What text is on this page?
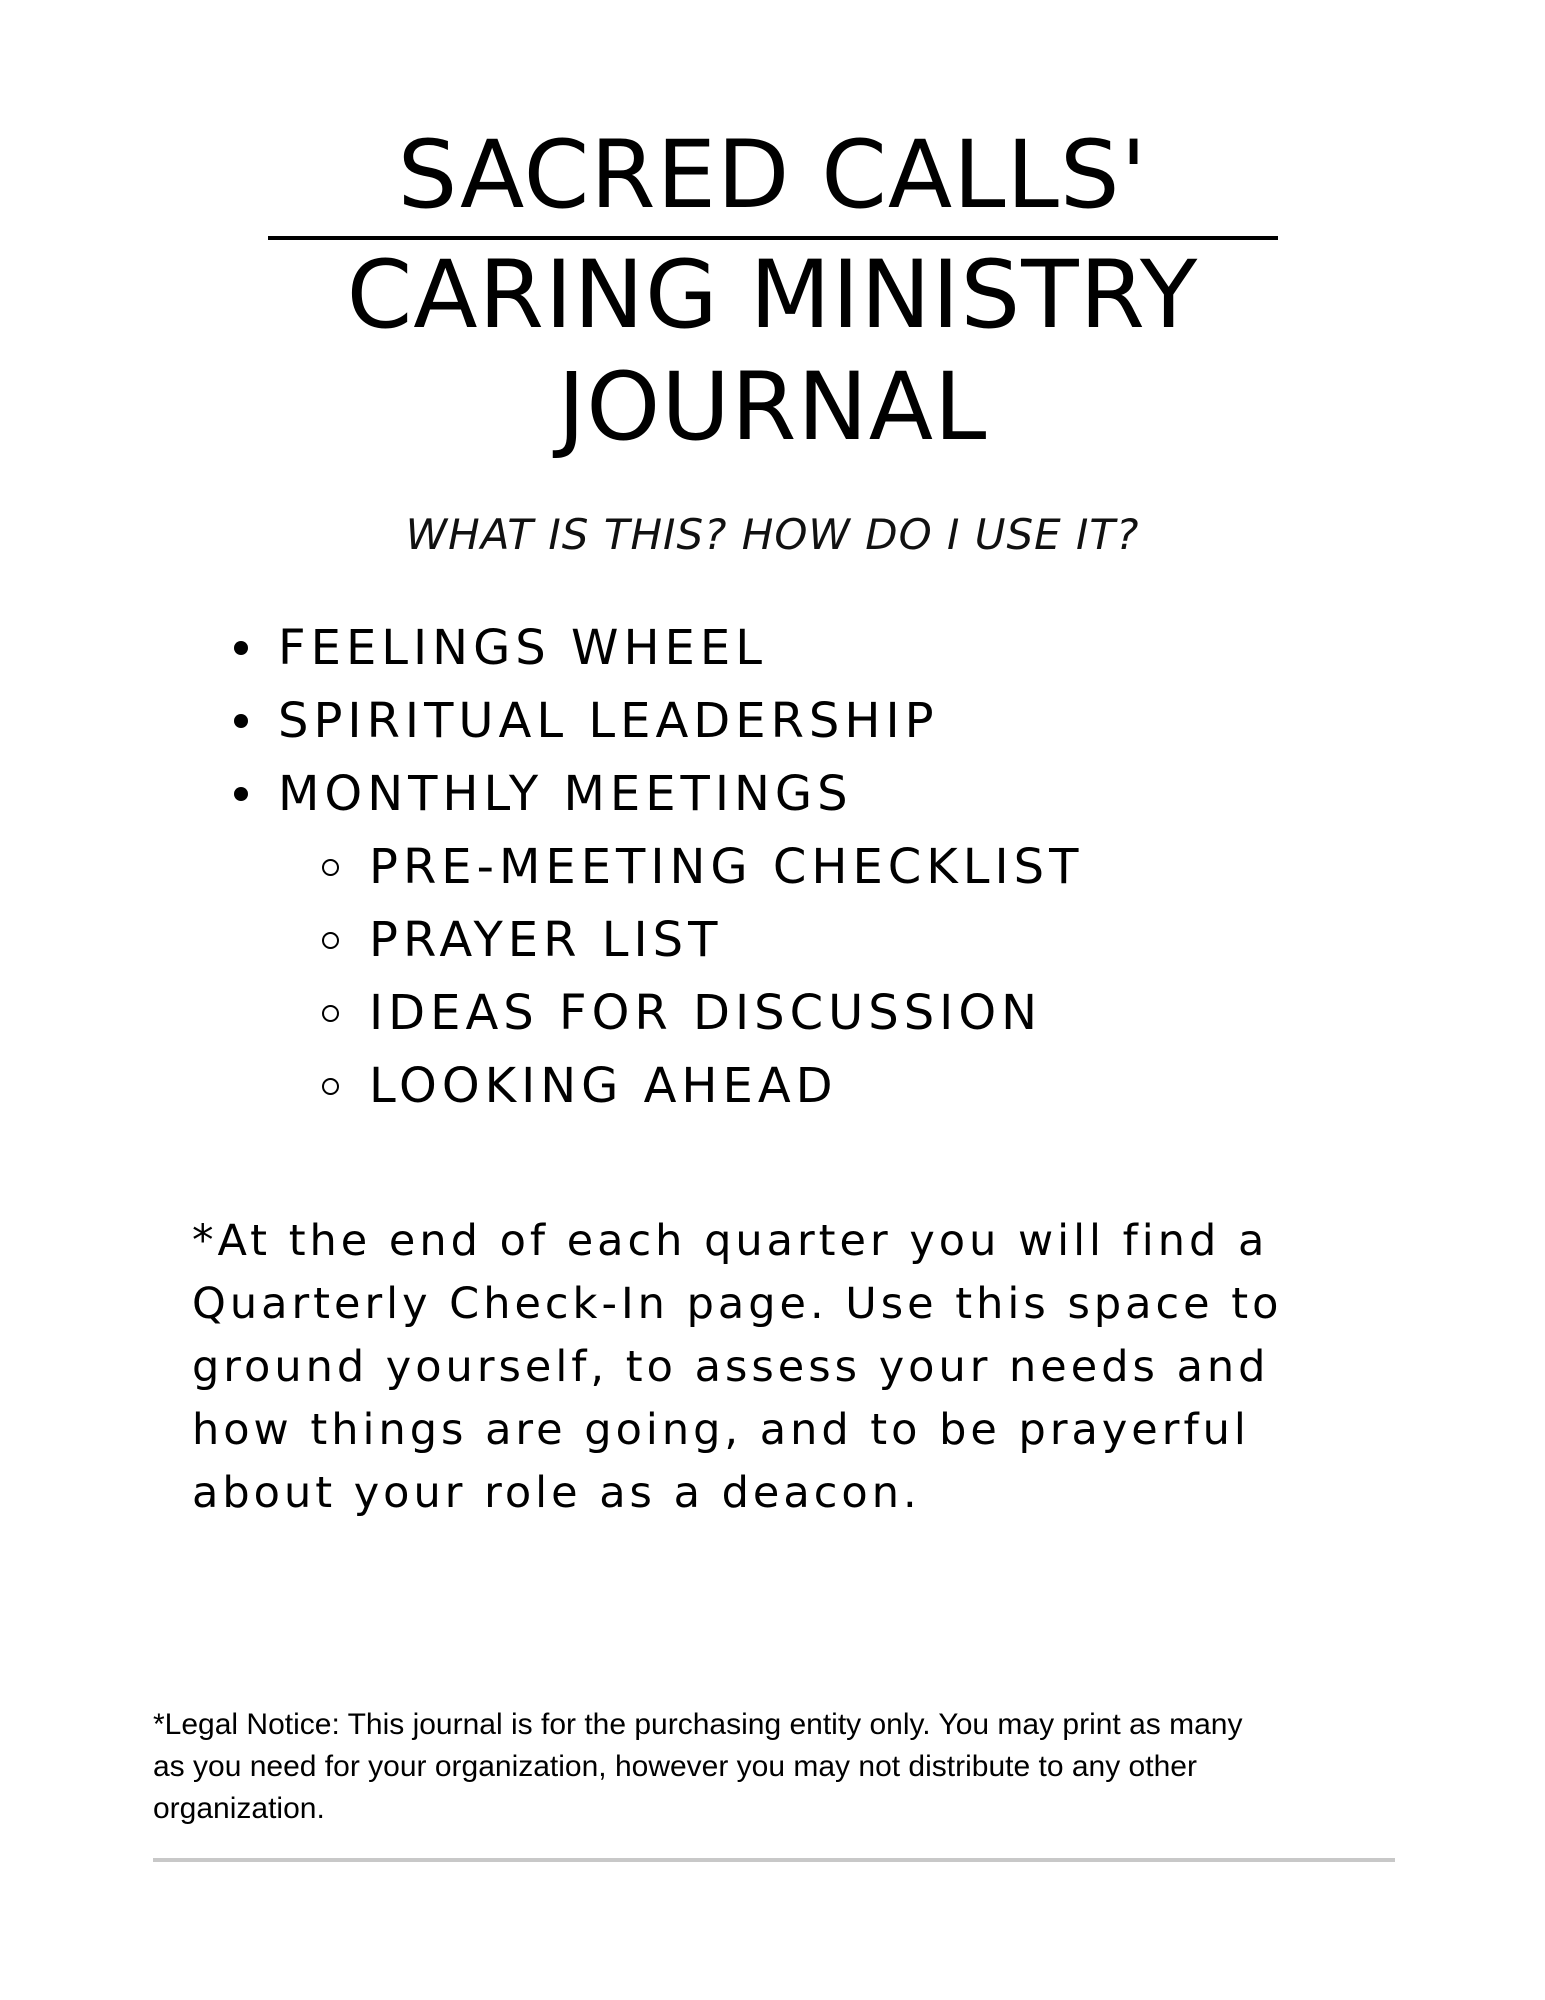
SACRED CALLS'
CARING MINISTRY
JOURNAL
WHAT IS THIS? HOW DO I USE IT?
FEELINGS WHEEL
SPIRITUAL LEADERSHIP
MONTHLY MEETINGS
PRE-MEETING CHECKLIST
PRAYER LIST
IDEAS FOR DISCUSSION
LOOKING AHEAD

*At the end of each quarter you will find a

Quarterly Check-In page. Use this space to

ground yourself, to assess your needs and

how things are going, and to be prayerful

about your role as a deacon.

*Legal Notice: This journal is for the purchasing entity only. You may print as many

as you need for your organization, however you may not distribute to any other

organization.
